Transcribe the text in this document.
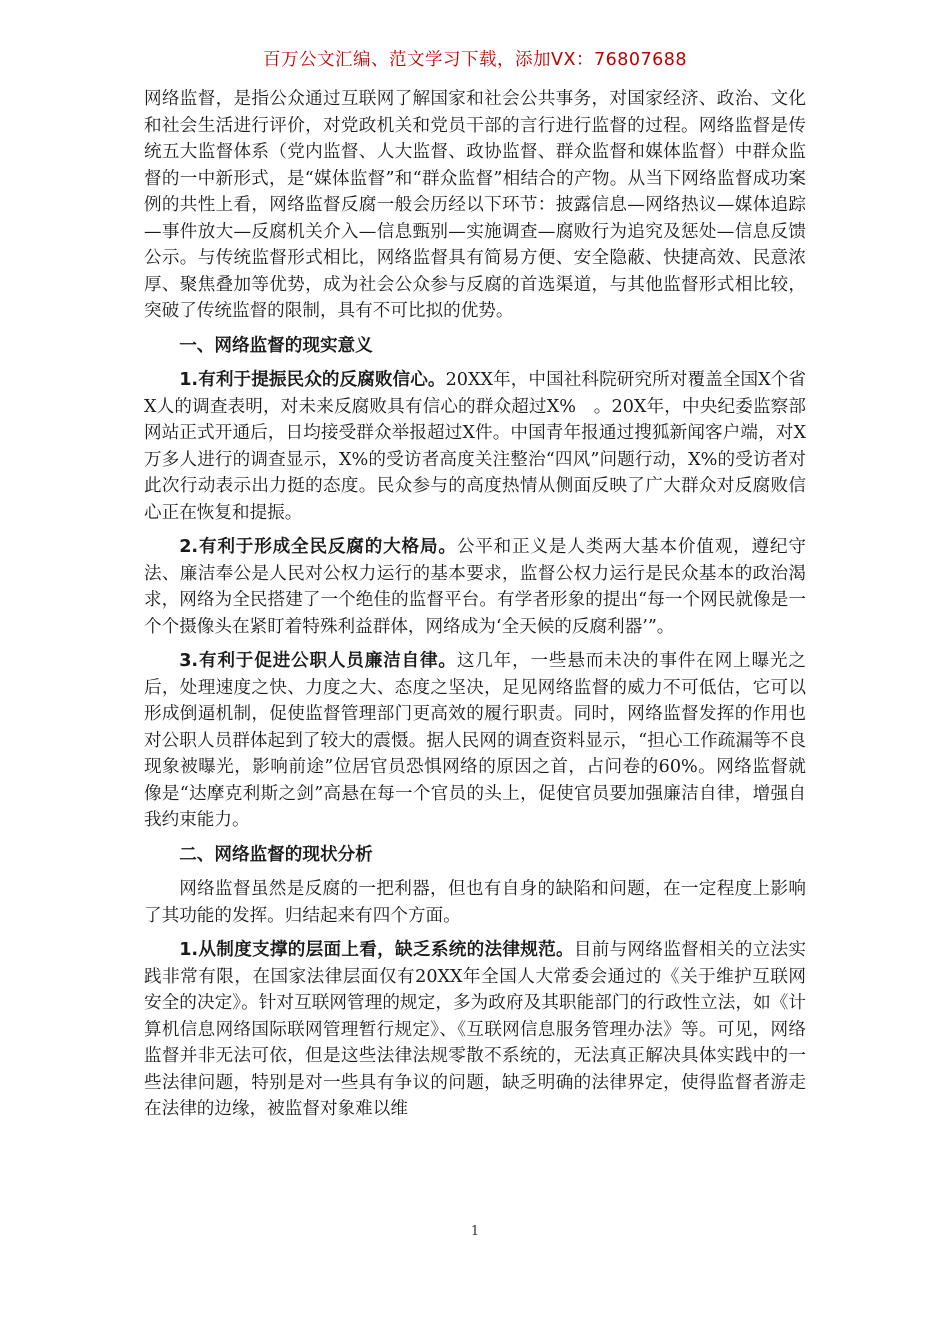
百万公文汇编、范文学习下载，添加VX：76807688

网络监督，是指公众通过互联网了解国家和社会公共事务，对国家经济、政治、文化和社会生活进行评价，对党政机关和党员干部的言行进行监督的过程。网络监督是传统五大监督体系（党内监督、人大监督、政协监督、群众监督和媒体监督）中群众监督的一中新形式，是“媒体监督”和“群众监督”相结合的产物。从当下网络监督成功案例的共性上看，网络监督反腐一般会历经以下环节：披露信息—网络热议—媒体追踪—事件放大—反腐机关介入—信息甄别—实施调查—腐败行为追究及惩处—信息反馈公示。与传统监督形式相比，网络监督具有简易方便、安全隐蔽、快捷高效、民意浓厚、聚焦叠加等优势，成为社会公众参与反腐的首选渠道，与其他监督形式相比较，突破了传统监督的限制，具有不可比拟的优势。

一、网络监督的现实意义

1.有利于提振民众的反腐败信心。20XX年，中国社科院研究所对覆盖全国X个省X人的调查表明，对未来反腐败具有信心的群众超过X%　。20X年，中央纪委监察部网站正式开通后，日均接受群众举报超过X件。中国青年报通过搜狐新闻客户端，对X万多人进行的调查显示，X%的受访者高度关注整治“四风”问题行动，X%的受访者对此次行动表示出力挺的态度。民众参与的高度热情从侧面反映了广大群众对反腐败信心正在恢复和提振。

2.有利于形成全民反腐的大格局。公平和正义是人类两大基本价值观，遵纪守法、廉洁奉公是人民对公权力运行的基本要求，监督公权力运行是民众基本的政治渴求，网络为全民搭建了一个绝佳的监督平台。有学者形象的提出“每一个网民就像是一个个摄像头在紧盯着特殊利益群体，网络成为‘全天候的反腐利器’”。

3.有利于促进公职人员廉洁自律。这几年，一些悬而未决的事件在网上曝光之后，处理速度之快、力度之大、态度之坚决，足见网络监督的威力不可低估，它可以形成倒逼机制，促使监督管理部门更高效的履行职责。同时，网络监督发挥的作用也对公职人员群体起到了较大的震慑。据人民网的调查资料显示，“担心工作疏漏等不良现象被曝光，影响前途”位居官员恐惧网络的原因之首，占问卷的60%。网络监督就像是“达摩克利斯之剑”高悬在每一个官员的头上，促使官员要加强廉洁自律，增强自我约束能力。

二、网络监督的现状分析

网络监督虽然是反腐的一把利器，但也有自身的缺陷和问题，在一定程度上影响了其功能的发挥。归结起来有四个方面。

1.从制度支撑的层面上看，缺乏系统的法律规范。目前与网络监督相关的立法实践非常有限，在国家法律层面仅有20XX年全国人大常委会通过的《关于维护互联网安全的决定》。针对互联网管理的规定，多为政府及其职能部门的行政性立法，如《计算机信息网络国际联网管理暂行规定》、《互联网信息服务管理办法》等。可见，网络监督并非无法可依，但是这些法律法规零散不系统的，无法真正解决具体实践中的一些法律问题，特别是对一些具有争议的问题，缺乏明确的法律界定，使得监督者游走在法律的边缘，被监督对象难以维

1
